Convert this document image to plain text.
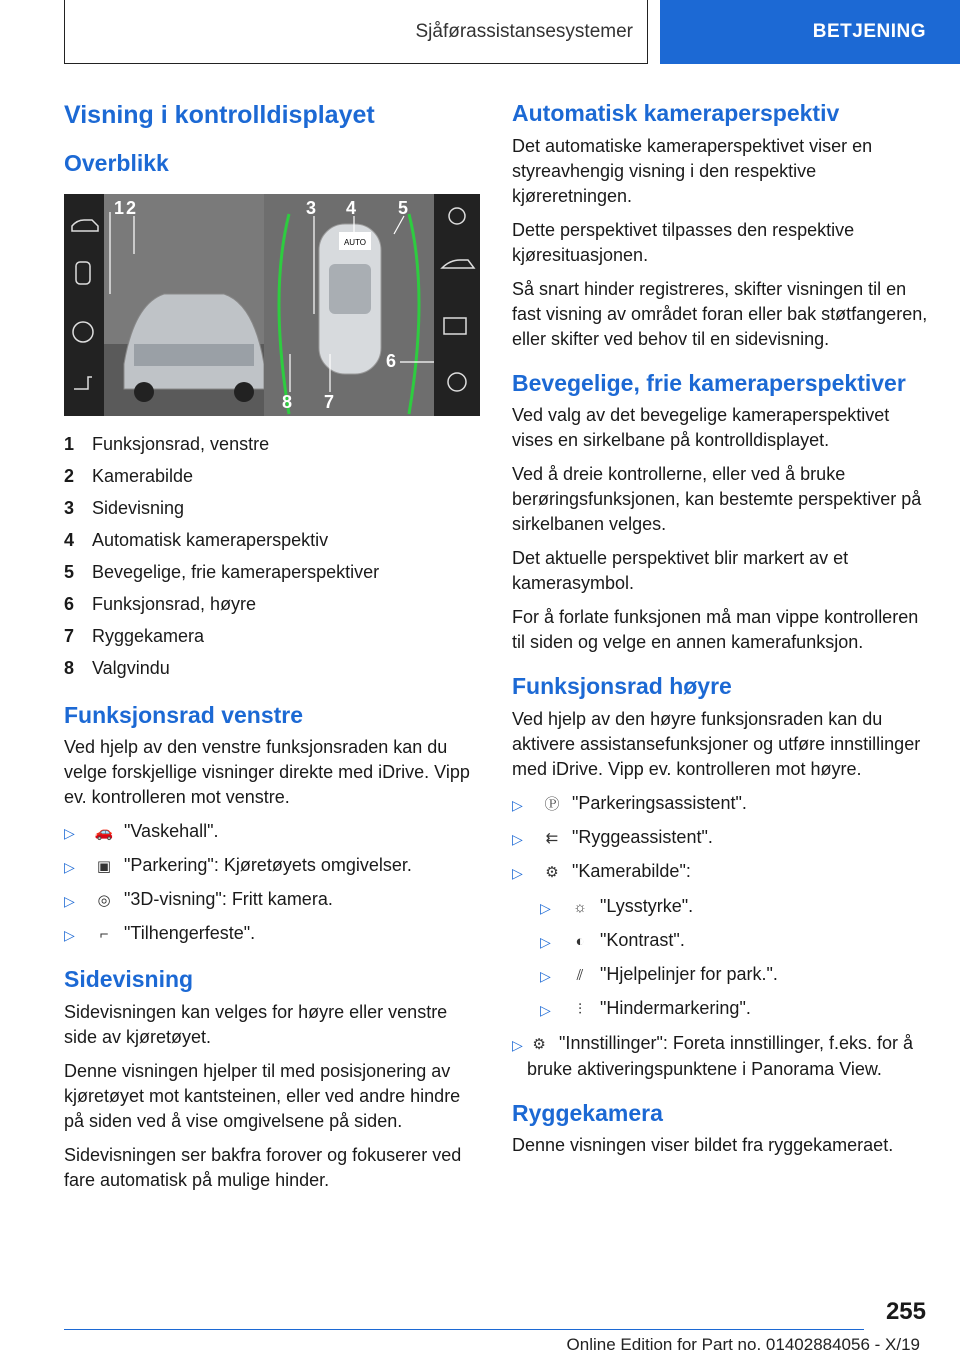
Sjåførassistansesystemer	BETJENING
Visning i kontrolldisplayet
Overblikk
AUTO
1 2	3 4 5
6
7
8
1 Funksjonsrad, venstre
2 Kamerabilde
3 Sidevisning
4 Automatisk kameraperspektiv
5 Bevegelige, frie kameraperspektiver
6 Funksjonsrad, høyre
7 Ryggekamera
8 Valgvindu
Funksjonsrad venstre

Ved hjelp av den venstre funksjonsraden kan du velge forskjellige visninger direkte med iDrive. Vipp ev. kontrolleren mot venstre.

▷	🚗 "Vaskehall".
▷	▣ "Parkering": Kjøretøyets omgivelser.
▷	◎ "3D-visning": Fritt kamera.
▷	⌐ "Tilhengerfeste".
Sidevisning

Sidevisningen kan velges for høyre eller venstre side av kjøretøyet.

Denne visningen hjelper til med posisjonering av kjøretøyet mot kantsteinen, eller ved andre hindre på siden ved å vise omgivelsene på siden.

Sidevisningen ser bakfra forover og fokuserer ved fare automatisk på mulige hinder.

Automatisk kameraperspektiv

Det automatiske kameraperspektivet viser en styreavhengig visning i den respektive kjøreretningen.

Dette perspektivet tilpasses den respektive kjøresituasjonen.

Så snart hinder registreres, skifter visningen til en fast visning av området foran eller bak støtfangeren, eller skifter ved behov til en sidevisning.

Bevegelige, frie kameraperspektiver

Ved valg av det bevegelige kameraperspektivet vises en sirkelbane på kontrolldisplayet.

Ved å dreie kontrollerne, eller ved å bruke berøringsfunksjonen, kan bestemte perspektiver på sirkelbanen velges.

Det aktuelle perspektivet blir markert av et kamerasymbol.

For å forlate funksjonen må man vippe kontrolleren til siden og velge en annen kamerafunksjon.

Funksjonsrad høyre

Ved hjelp av den høyre funksjonsraden kan du aktivere assistansefunksjoner og utføre innstillinger med iDrive. Vipp ev. kontrolleren mot høyre.

▷	Ⓟ "Parkeringsassistent".
▷	⇇ "Ryggeassistent".
▷	⚙ "Kamerabilde":
▷	☼ "Lysstyrke".
▷	◐ "Kontrast".
▷	⫽ "Hjelpelinjer for park.".
▷	⫶ "Hindermarkering".
▷ ⚙ "Innstillinger": Foreta innstillinger, f.eks. for å bruke aktiveringspunktene i Panorama View.
Ryggekamera

Denne visningen viser bildet fra ryggekameraet.

255
Online Edition for Part no. 01402884056 - X/19
